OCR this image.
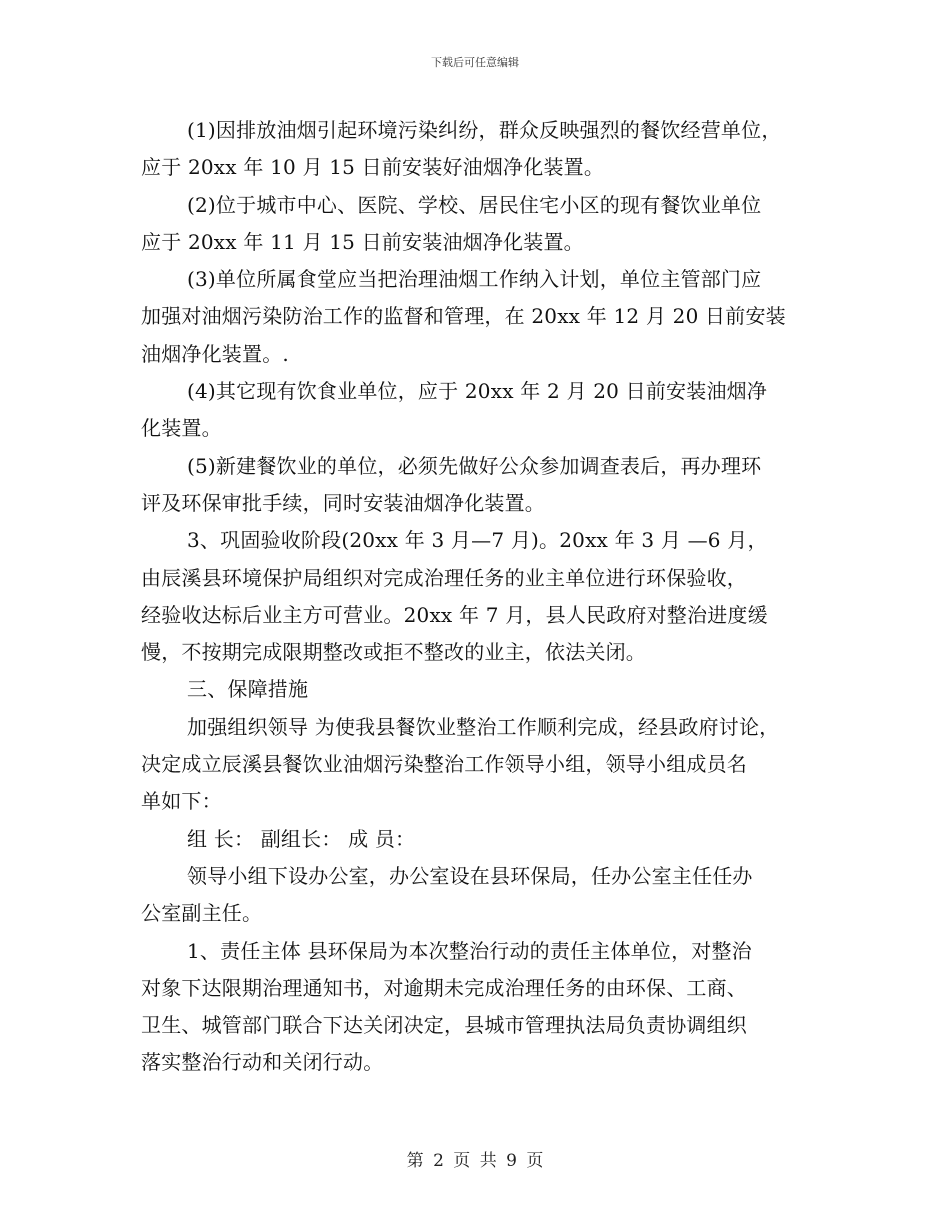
下载后可任意编辑
(1)因排放油烟引起环境污染纠纷，群众反映强烈的餐饮经营单位，
应于 20xx 年 10 月 15 日前安装好油烟净化装置。
(2)位于城市中心、医院、学校、居民住宅小区的现有餐饮业单位
应于 20xx 年 11 月 15 日前安装油烟净化装置。
(3)单位所属食堂应当把治理油烟工作纳入计划，单位主管部门应
加强对油烟污染防治工作的监督和管理，在 20xx 年 12 月 20 日前安装
油烟净化装置。.
(4)其它现有饮食业单位，应于 20xx 年 2 月 20 日前安装油烟净
化装置。
(5)新建餐饮业的单位，必须先做好公众参加调查表后，再办理环
评及环保审批手续，同时安装油烟净化装置。
3、巩固验收阶段(20xx 年 3 月—7 月)。20xx 年 3 月 —6 月，
由辰溪县环境保护局组织对完成治理任务的业主单位进行环保验收，
经验收达标后业主方可营业。20xx 年 7 月，县人民政府对整治进度缓
慢，不按期完成限期整改或拒不整改的业主，依法关闭。
三、保障措施
加强组织领导 为使我县餐饮业整治工作顺利完成，经县政府讨论，
决定成立辰溪县餐饮业油烟污染整治工作领导小组，领导小组成员名
单如下：
组 长： 副组长： 成 员：
领导小组下设办公室，办公室设在县环保局，任办公室主任任办
公室副主任。
1、责任主体 县环保局为本次整治行动的责任主体单位，对整治
对象下达限期治理通知书，对逾期未完成治理任务的由环保、工商、
卫生、城管部门联合下达关闭决定，县城市管理执法局负责协调组织
落实整治行动和关闭行动。
第 2 页 共 9 页
